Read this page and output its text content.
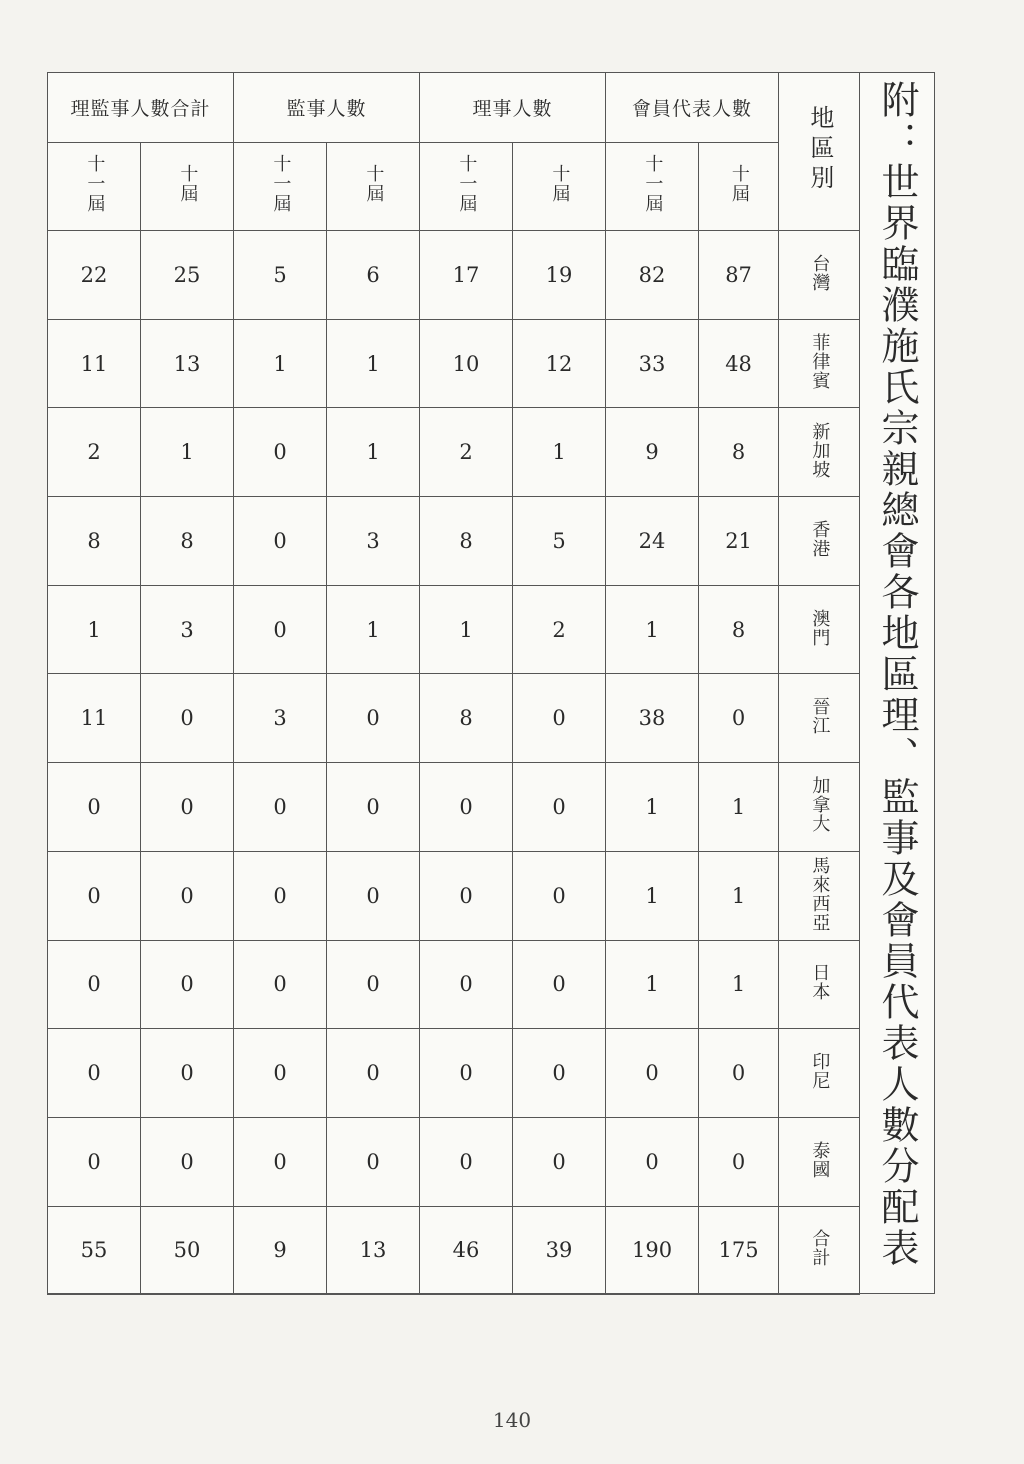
理監事人數合計		監事人數		理事人數		會員代表人數		地區別
十一屆	十屆	十一屆	十屆	十一屆	十屆	十一屆	十屆	
22	25	5	6	17	19	82	87	台灣
11	13	1	1	10	12	33	48	菲律賓
2	1	0	1	2	1	9	8	新加坡
8	8	0	3	8	5	24	21	香港
1	3	0	1	1	2	1	8	澳門
11	0	3	0	8	0	38	0	晉江
0	0	0	0	0	0	1	1	加拿大
0	0	0	0	0	0	1	1	馬來西亞
0	0	0	0	0	0	1	1	日本
0	0	0	0	0	0	0	0	印尼
0	0	0	0	0	0	0	0	泰國
55	50	9	13	46	39	190	175	合計 附：世界臨濮施氏宗親總會各地區理、監事及會員代表人數分配表
140
